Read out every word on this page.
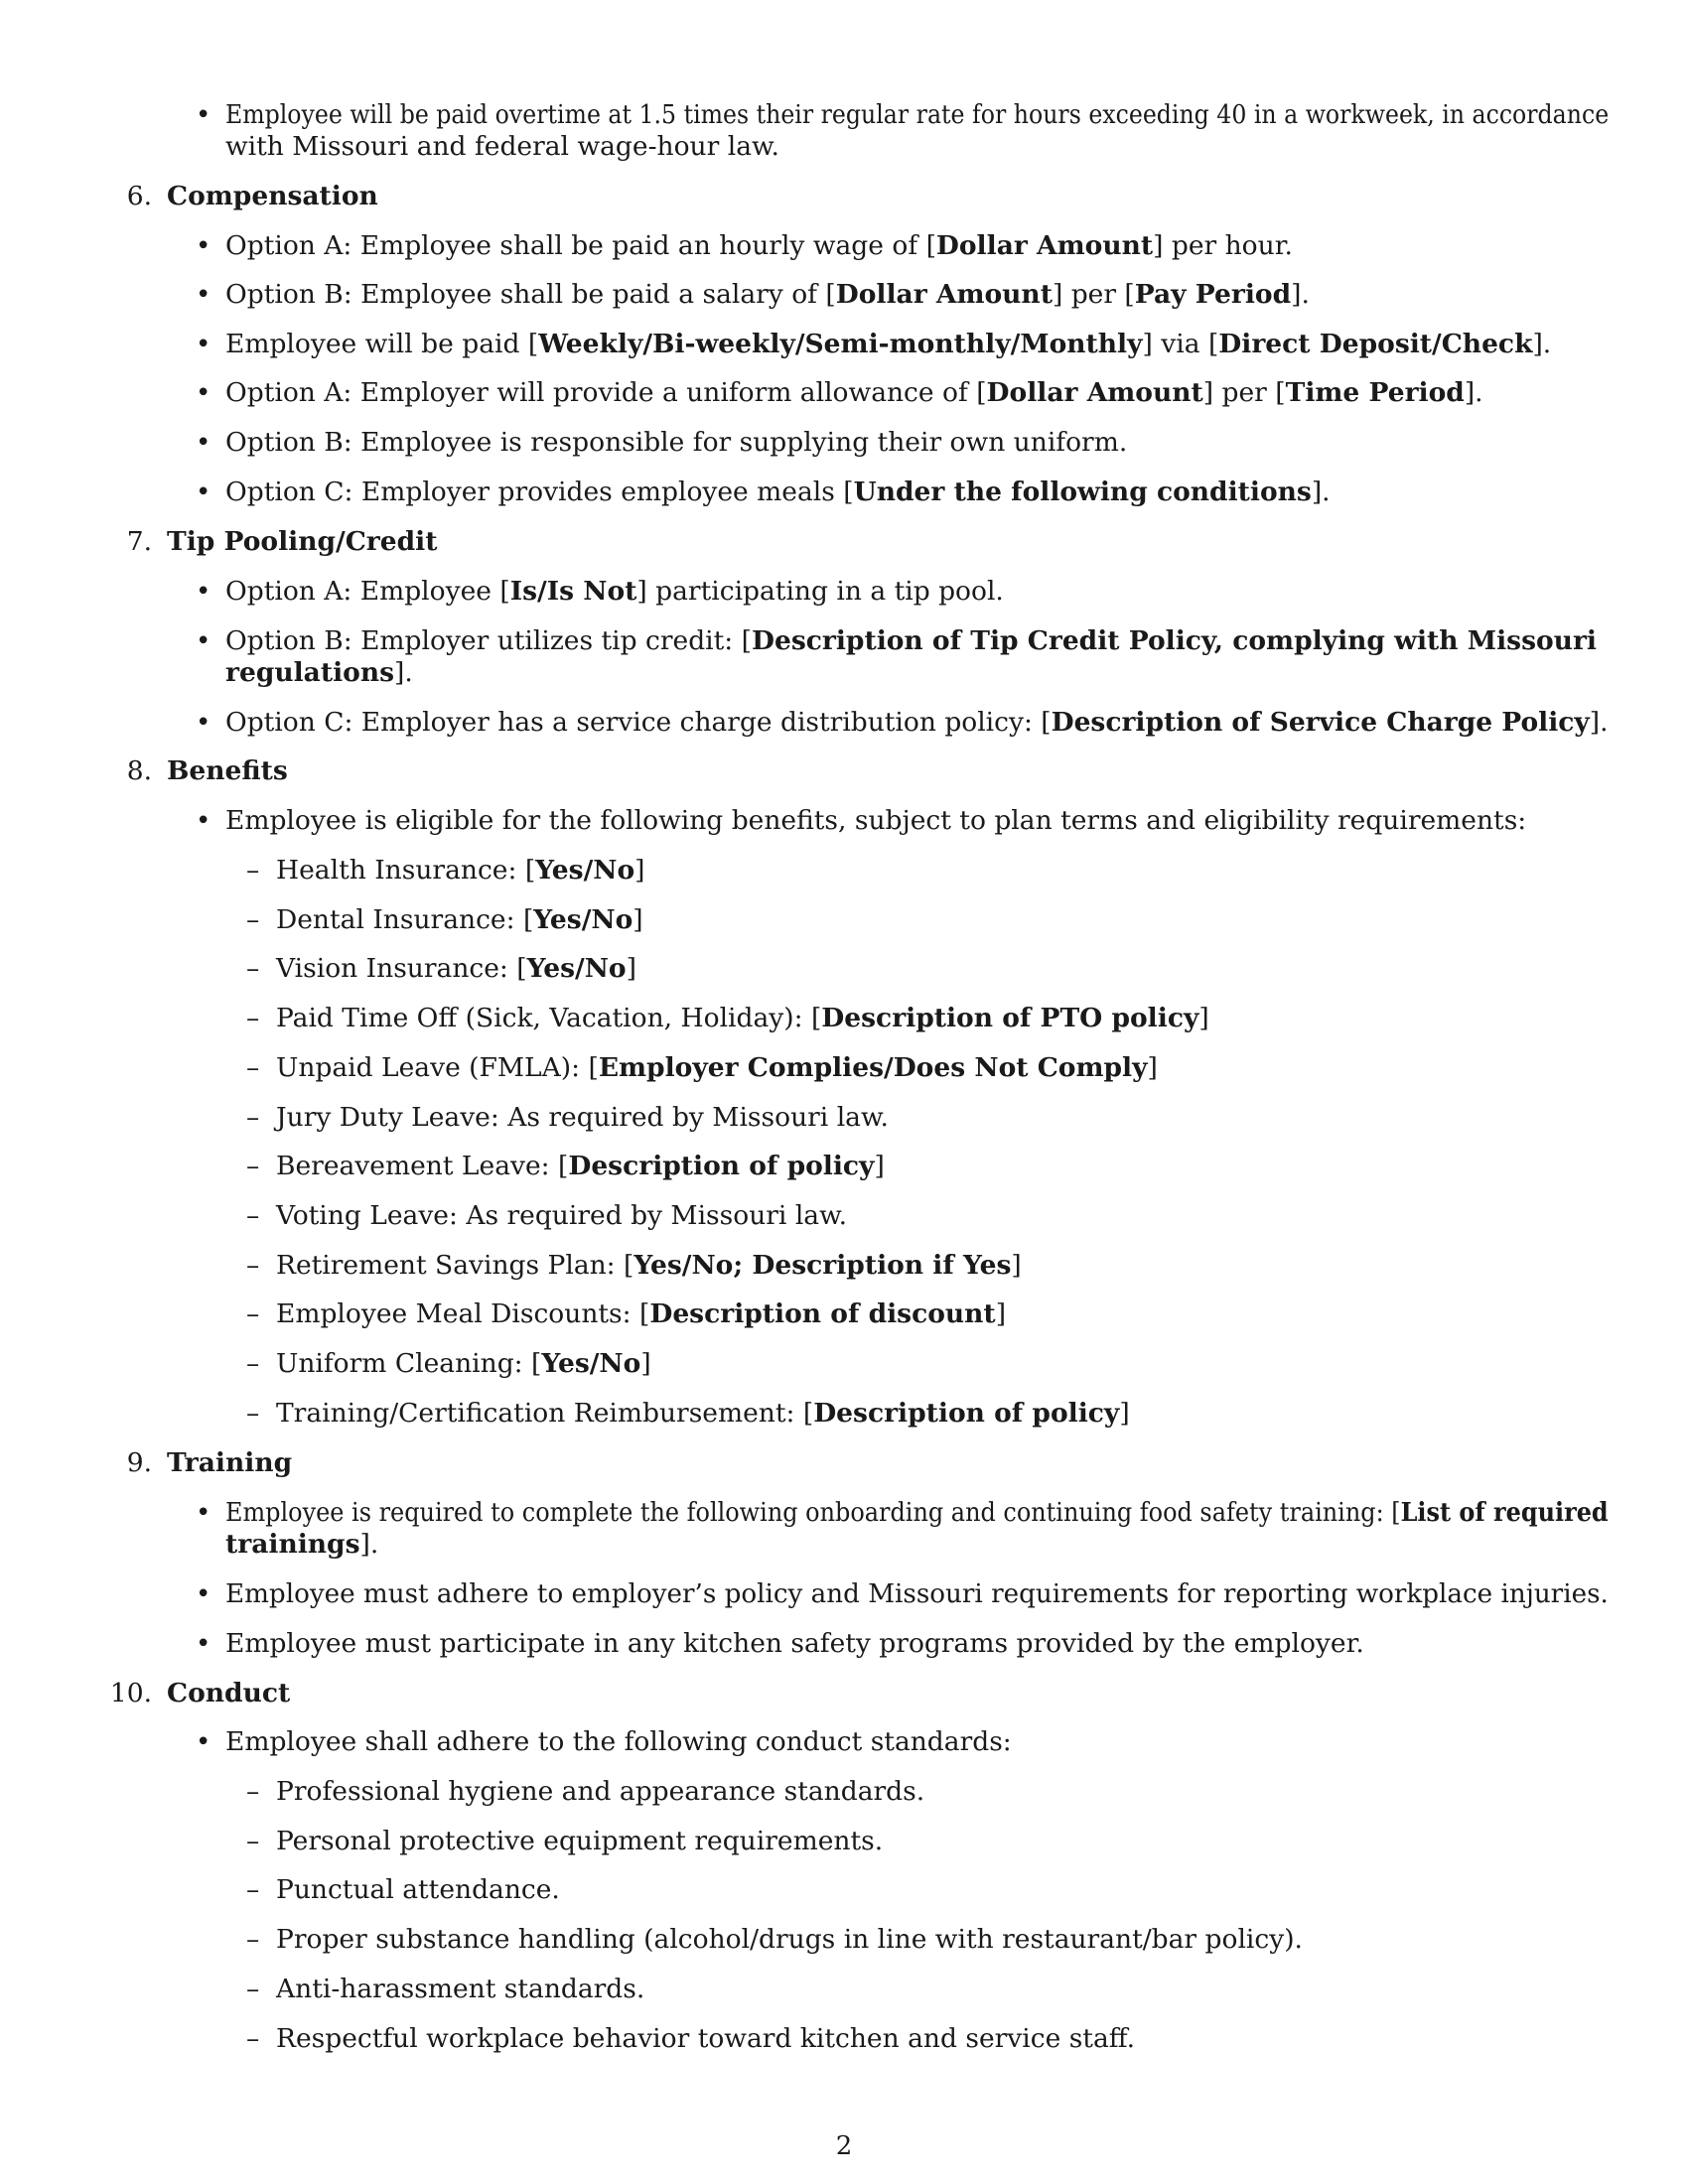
• Employee will be paid overtime at 1.5 times their regular rate for hours exceeding 40 in a workweek, in accordance
with Missouri and federal wage-hour law.
6. Compensation
• Option A: Employee shall be paid an hourly wage of [Dollar Amount] per hour.
• Option B: Employee shall be paid a salary of [Dollar Amount] per [Pay Period].
• Employee will be paid [Weekly/Bi-weekly/Semi-monthly/Monthly] via [Direct Deposit/Check].
• Option A: Employer will provide a uniform allowance of [Dollar Amount] per [Time Period].
• Option B: Employee is responsible for supplying their own uniform.
• Option C: Employer provides employee meals [Under the following conditions].
7. Tip Pooling/Credit
• Option A: Employee [Is/Is Not] participating in a tip pool.
• Option B: Employer utilizes tip credit: [Description of Tip Credit Policy, complying with Missouri
regulations].
• Option C: Employer has a service charge distribution policy: [Description of Service Charge Policy].
8. Benefits
• Employee is eligible for the following benefits, subject to plan terms and eligibility requirements:
– Health Insurance: [Yes/No]
– Dental Insurance: [Yes/No]
– Vision Insurance: [Yes/No]
– Paid Time Off (Sick, Vacation, Holiday): [Description of PTO policy]
– Unpaid Leave (FMLA): [Employer Complies/Does Not Comply]
– Jury Duty Leave: As required by Missouri law.
– Bereavement Leave: [Description of policy]
– Voting Leave: As required by Missouri law.
– Retirement Savings Plan: [Yes/No; Description if Yes]
– Employee Meal Discounts: [Description of discount]
– Uniform Cleaning: [Yes/No]
– Training/Certification Reimbursement: [Description of policy]
9. Training
• Employee is required to complete the following onboarding and continuing food safety training: [List of required
trainings].
• Employee must adhere to employer’s policy and Missouri requirements for reporting workplace injuries.
• Employee must participate in any kitchen safety programs provided by the employer.
10. Conduct
• Employee shall adhere to the following conduct standards:
– Professional hygiene and appearance standards.
– Personal protective equipment requirements.
– Punctual attendance.
– Proper substance handling (alcohol/drugs in line with restaurant/bar policy).
– Anti-harassment standards.
– Respectful workplace behavior toward kitchen and service staff.
2
